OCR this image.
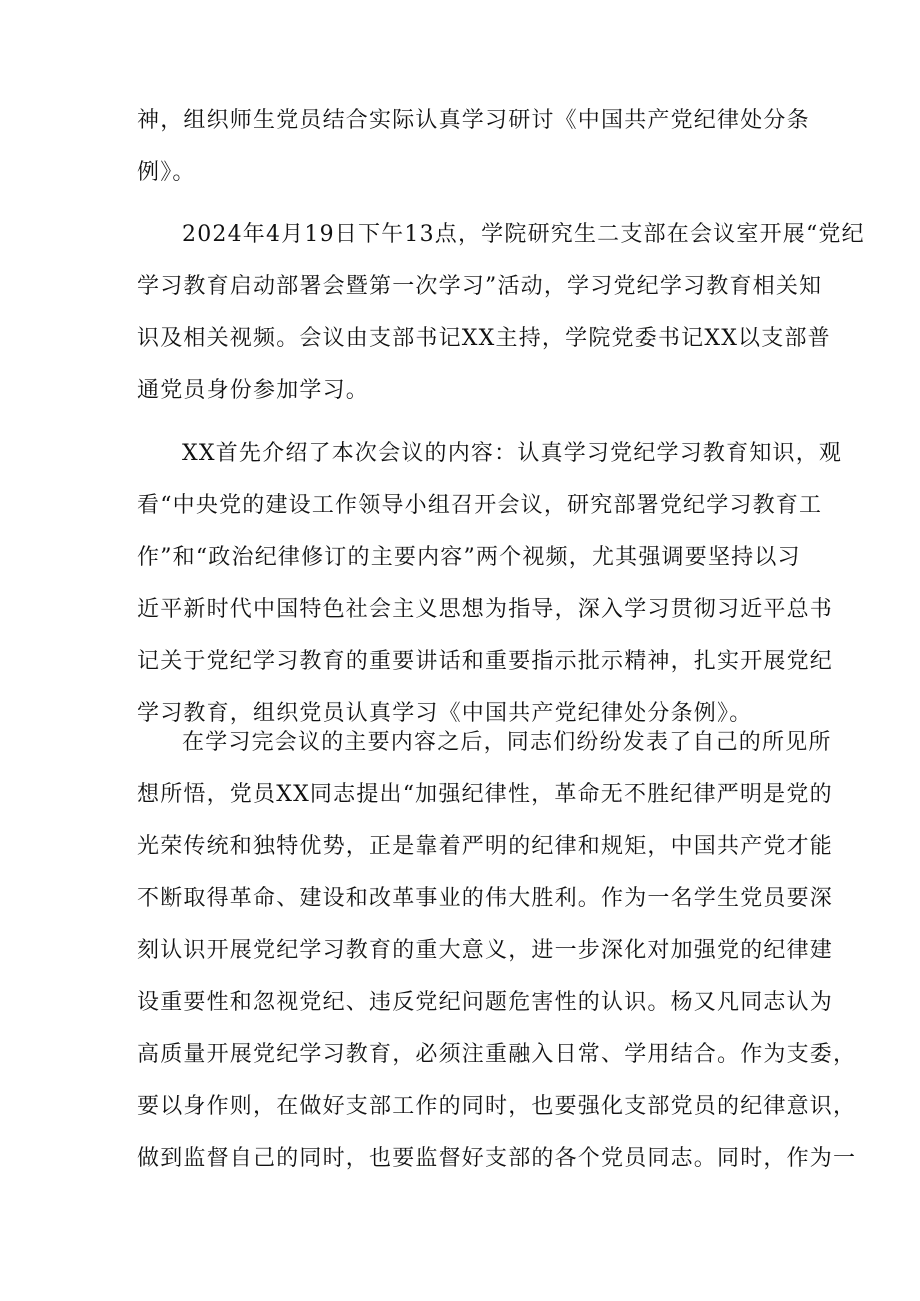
神，组织师生党员结合实际认真学习研讨《中国共产党纪律处分条
例》。
2024年4月19日下午13点，学院研究生二支部在会议室开展“党纪
学习教育启动部署会暨第一次学习”活动，学习党纪学习教育相关知
识及相关视频。会议由支部书记XX主持，学院党委书记XX以支部普
通党员身份参加学习。
XX首先介绍了本次会议的内容：认真学习党纪学习教育知识，观
看“中央党的建设工作领导小组召开会议，研究部署党纪学习教育工
作”和“政治纪律修订的主要内容”两个视频，尤其强调要坚持以习
近平新时代中国特色社会主义思想为指导，深入学习贯彻习近平总书
记关于党纪学习教育的重要讲话和重要指示批示精神，扎实开展党纪
学习教育，组织党员认真学习《中国共产党纪律处分条例》。
在学习完会议的主要内容之后，同志们纷纷发表了自己的所见所
想所悟，党员XX同志提出“加强纪律性，革命无不胜纪律严明是党的
光荣传统和独特优势，正是靠着严明的纪律和规矩，中国共产党才能
不断取得革命、建设和改革事业的伟大胜利。作为一名学生党员要深
刻认识开展党纪学习教育的重大意义，进一步深化对加强党的纪律建
设重要性和忽视党纪、违反党纪问题危害性的认识。杨又凡同志认为
高质量开展党纪学习教育，必须注重融入日常、学用结合。作为支委，
要以身作则，在做好支部工作的同时，也要强化支部党员的纪律意识，
做到监督自己的同时，也要监督好支部的各个党员同志。同时，作为一
